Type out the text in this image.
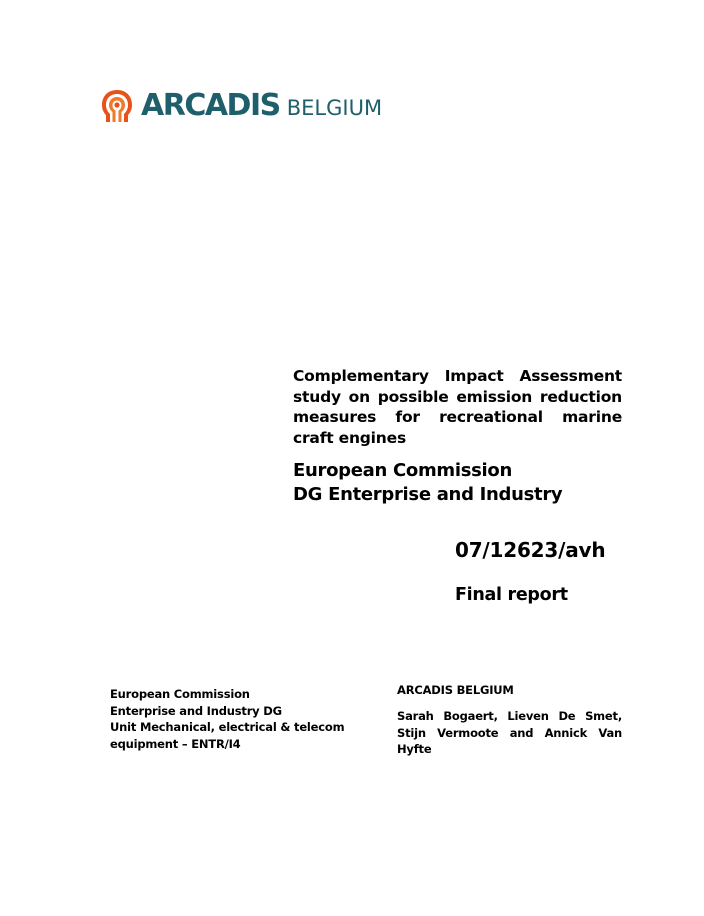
ARCADIS BELGIUM

Complementary Impact Assessment study on possible emission reduction measures for recreational marine craft engines

European Commission
DG Enterprise and Industry
07/12623/avh
Final report
European Commission
Enterprise and Industry DG
Unit Mechanical, electrical & telecom
equipment – ENTR/I4
ARCADIS BELGIUM
Sarah Bogaert, Lieven De Smet, Stijn Vermoote and Annick Van Hyfte
